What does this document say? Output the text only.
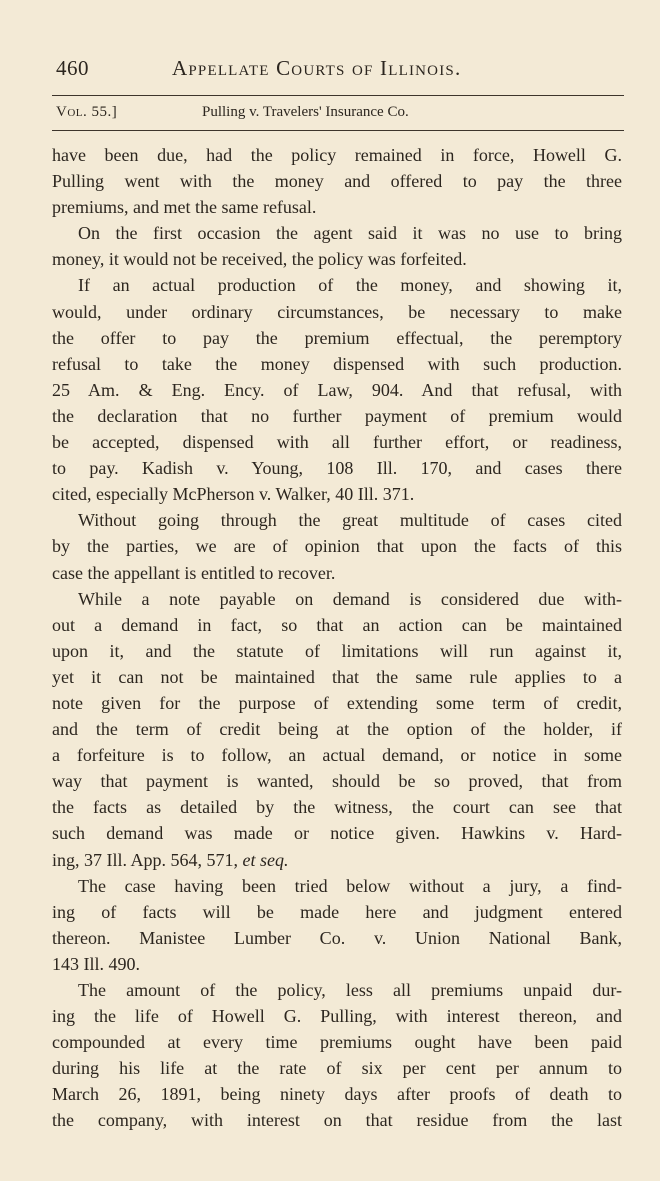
460	Appellate Courts of Illinois.
Vol. 55.]	Pulling v. Travelers' Insurance Co.
have been due, had the policy remained in force, Howell G.
Pulling went with the money and offered to pay the three
premiums, and met the same refusal.
On the first occasion the agent said it was no use to bring
money, it would not be received, the policy was forfeited.
If an actual production of the money, and showing it,
would, under ordinary circumstances, be necessary to make
the offer to pay the premium effectual, the peremptory
refusal to take the money dispensed with such production.
25 Am. & Eng. Ency. of Law, 904. And that refusal, with
the declaration that no further payment of premium would
be accepted, dispensed with all further effort, or readiness,
to pay. Kadish v. Young, 108 Ill. 170, and cases there
cited, especially McPherson v. Walker, 40 Ill. 371.
Without going through the great multitude of cases cited
by the parties, we are of opinion that upon the facts of this
case the appellant is entitled to recover.
While a note payable on demand is considered due with-
out a demand in fact, so that an action can be maintained
upon it, and the statute of limitations will run against it,
yet it can not be maintained that the same rule applies to a
note given for the purpose of extending some term of credit,
and the term of credit being at the option of the holder, if
a forfeiture is to follow, an actual demand, or notice in some
way that payment is wanted, should be so proved, that from
the facts as detailed by the witness, the court can see that
such demand was made or notice given. Hawkins v. Hard-
ing, 37 Ill. App. 564, 571, et seq.
The case having been tried below without a jury, a find-
ing of facts will be made here and judgment entered
thereon. Manistee Lumber Co. v. Union National Bank,
143 Ill. 490.
The amount of the policy, less all premiums unpaid dur-
ing the life of Howell G. Pulling, with interest thereon, and
compounded at every time premiums ought have been paid
during his life at the rate of six per cent per annum to
March 26, 1891, being ninety days after proofs of death to
the company, with interest on that residue from the last
